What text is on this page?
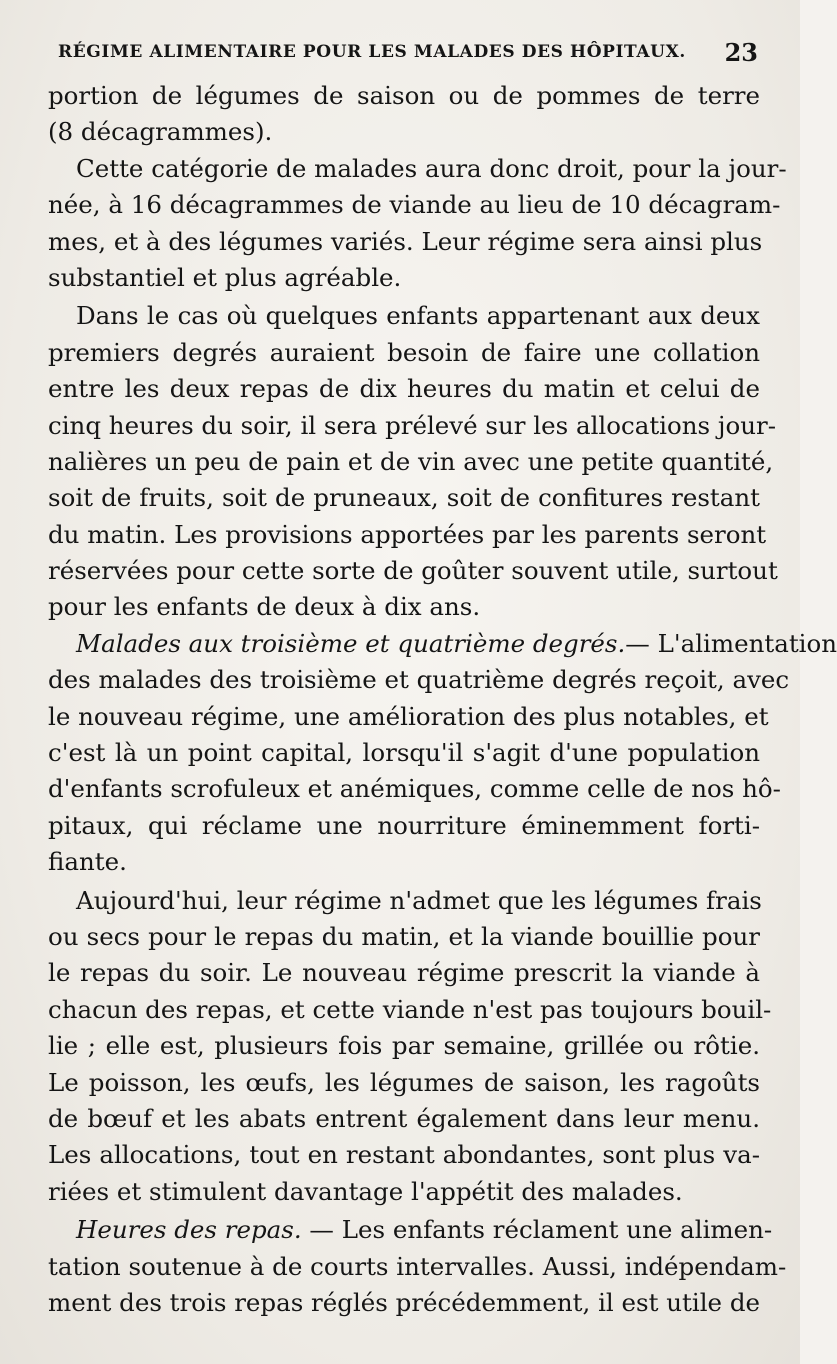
RÉGIME ALIMENTAIRE POUR LES MALADES DES HÔPITAUX. 23
portion de légumes de saison ou de pommes de terre
(8 décagrammes).
Cette catégorie de malades aura donc droit, pour la jour-
née, à 16 décagrammes de viande au lieu de 10 décagram-
mes, et à des légumes variés. Leur régime sera ainsi plus
substantiel et plus agréable.
Dans le cas où quelques enfants appartenant aux deux
premiers degrés auraient besoin de faire une collation
entre les deux repas de dix heures du matin et celui de
cinq heures du soir, il sera prélevé sur les allocations jour-
nalières un peu de pain et de vin avec une petite quantité,
soit de fruits, soit de pruneaux, soit de confitures restant
du matin. Les provisions apportées par les parents seront
réservées pour cette sorte de goûter souvent utile, surtout
pour les enfants de deux à dix ans.
Malades aux troisième et quatrième degrés.— L'alimentation
des malades des troisième et quatrième degrés reçoit, avec
le nouveau régime, une amélioration des plus notables, et
c'est là un point capital, lorsqu'il s'agit d'une population
d'enfants scrofuleux et anémiques, comme celle de nos hô-
pitaux, qui réclame une nourriture éminemment forti-
fiante.
Aujourd'hui, leur régime n'admet que les légumes frais
ou secs pour le repas du matin, et la viande bouillie pour
le repas du soir. Le nouveau régime prescrit la viande à
chacun des repas, et cette viande n'est pas toujours bouil-
lie ; elle est, plusieurs fois par semaine, grillée ou rôtie.
Le poisson, les œufs, les légumes de saison, les ragoûts
de bœuf et les abats entrent également dans leur menu.
Les allocations, tout en restant abondantes, sont plus va-
riées et stimulent davantage l'appétit des malades.
Heures des repas. — Les enfants réclament une alimen-
tation soutenue à de courts intervalles. Aussi, indépendam-
ment des trois repas réglés précédemment, il est utile de
